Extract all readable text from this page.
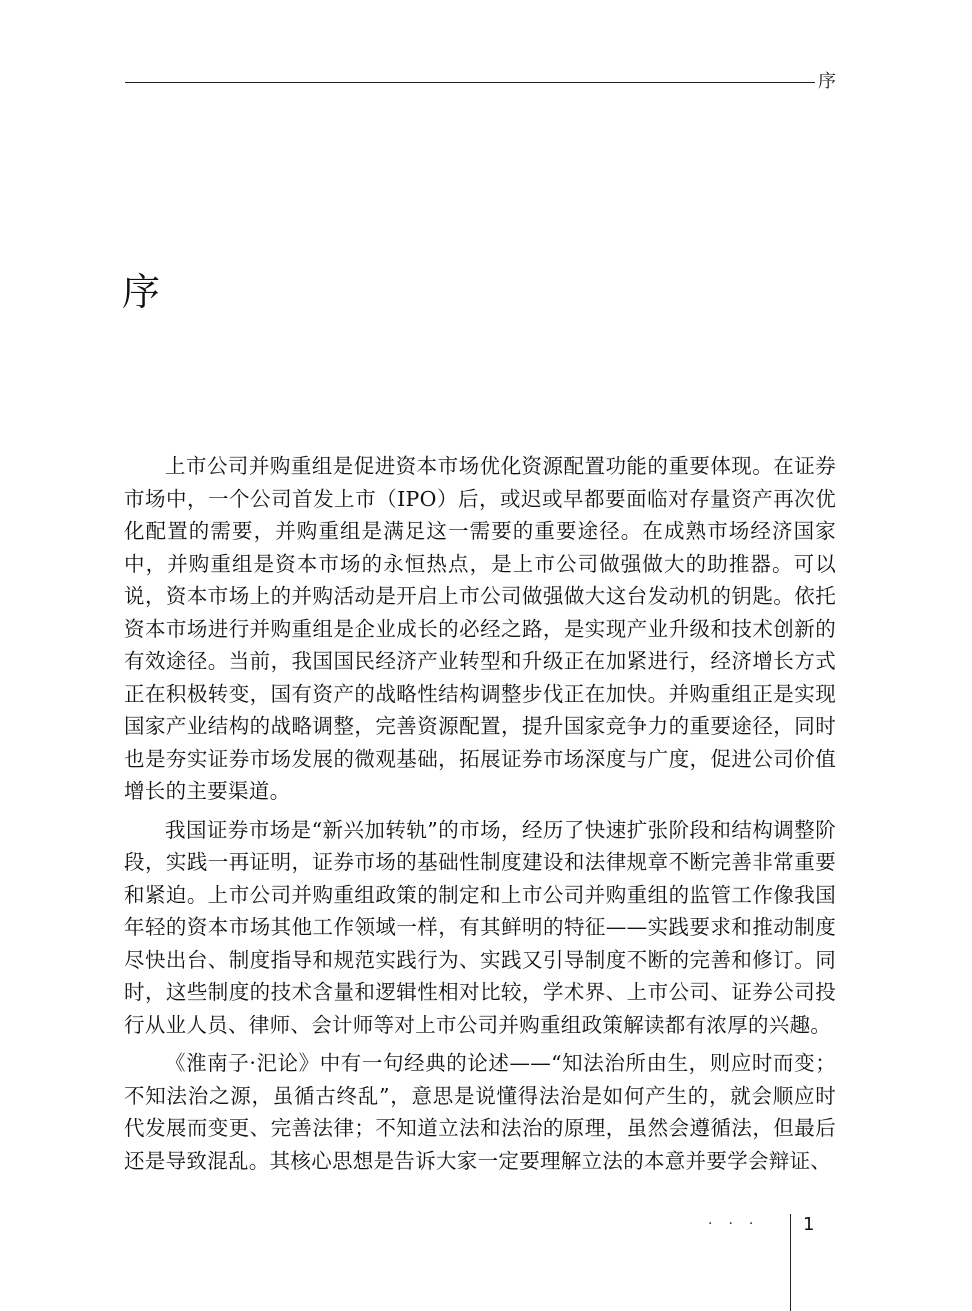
序
序

上市公司并购重组是促进资本市场优化资源配置功能的重要体现。在证券市场中，一个公司首发上市（IPO）后，或迟或早都要面临对存量资产再次优化配置的需要，并购重组是满足这一需要的重要途径。在成熟市场经济国家中，并购重组是资本市场的永恒热点，是上市公司做强做大的助推器。可以说，资本市场上的并购活动是开启上市公司做强做大这台发动机的钥匙。依托资本市场进行并购重组是企业成长的必经之路，是实现产业升级和技术创新的有效途径。当前，我国国民经济产业转型和升级正在加紧进行，经济增长方式正在积极转变，国有资产的战略性结构调整步伐正在加快。并购重组正是实现国家产业结构的战略调整，完善资源配置，提升国家竞争力的重要途径，同时也是夯实证券市场发展的微观基础，拓展证券市场深度与广度，促进公司价值增长的主要渠道。

我国证券市场是“新兴加转轨”的市场，经历了快速扩张阶段和结构调整阶段，实践一再证明，证券市场的基础性制度建设和法律规章不断完善非常重要和紧迫。上市公司并购重组政策的制定和上市公司并购重组的监管工作像我国年轻的资本市场其他工作领域一样，有其鲜明的特征——实践要求和推动制度尽快出台、制度指导和规范实践行为、实践又引导制度不断的完善和修订。同时，这些制度的技术含量和逻辑性相对比较，学术界、上市公司、证券公司投行从业人员、律师、会计师等对上市公司并购重组政策解读都有浓厚的兴趣。

《淮南子·汜论》中有一句经典的论述——“知法治所由生，则应时而变；不知法治之源，虽循古终乱”，意思是说懂得法治是如何产生的，就会顺应时代发展而变更、完善法律；不知道立法和法治的原理，虽然会遵循法，但最后还是导致混乱。其核心思想是告诉大家一定要理解立法的本意并要学会辩证、

··· 1
